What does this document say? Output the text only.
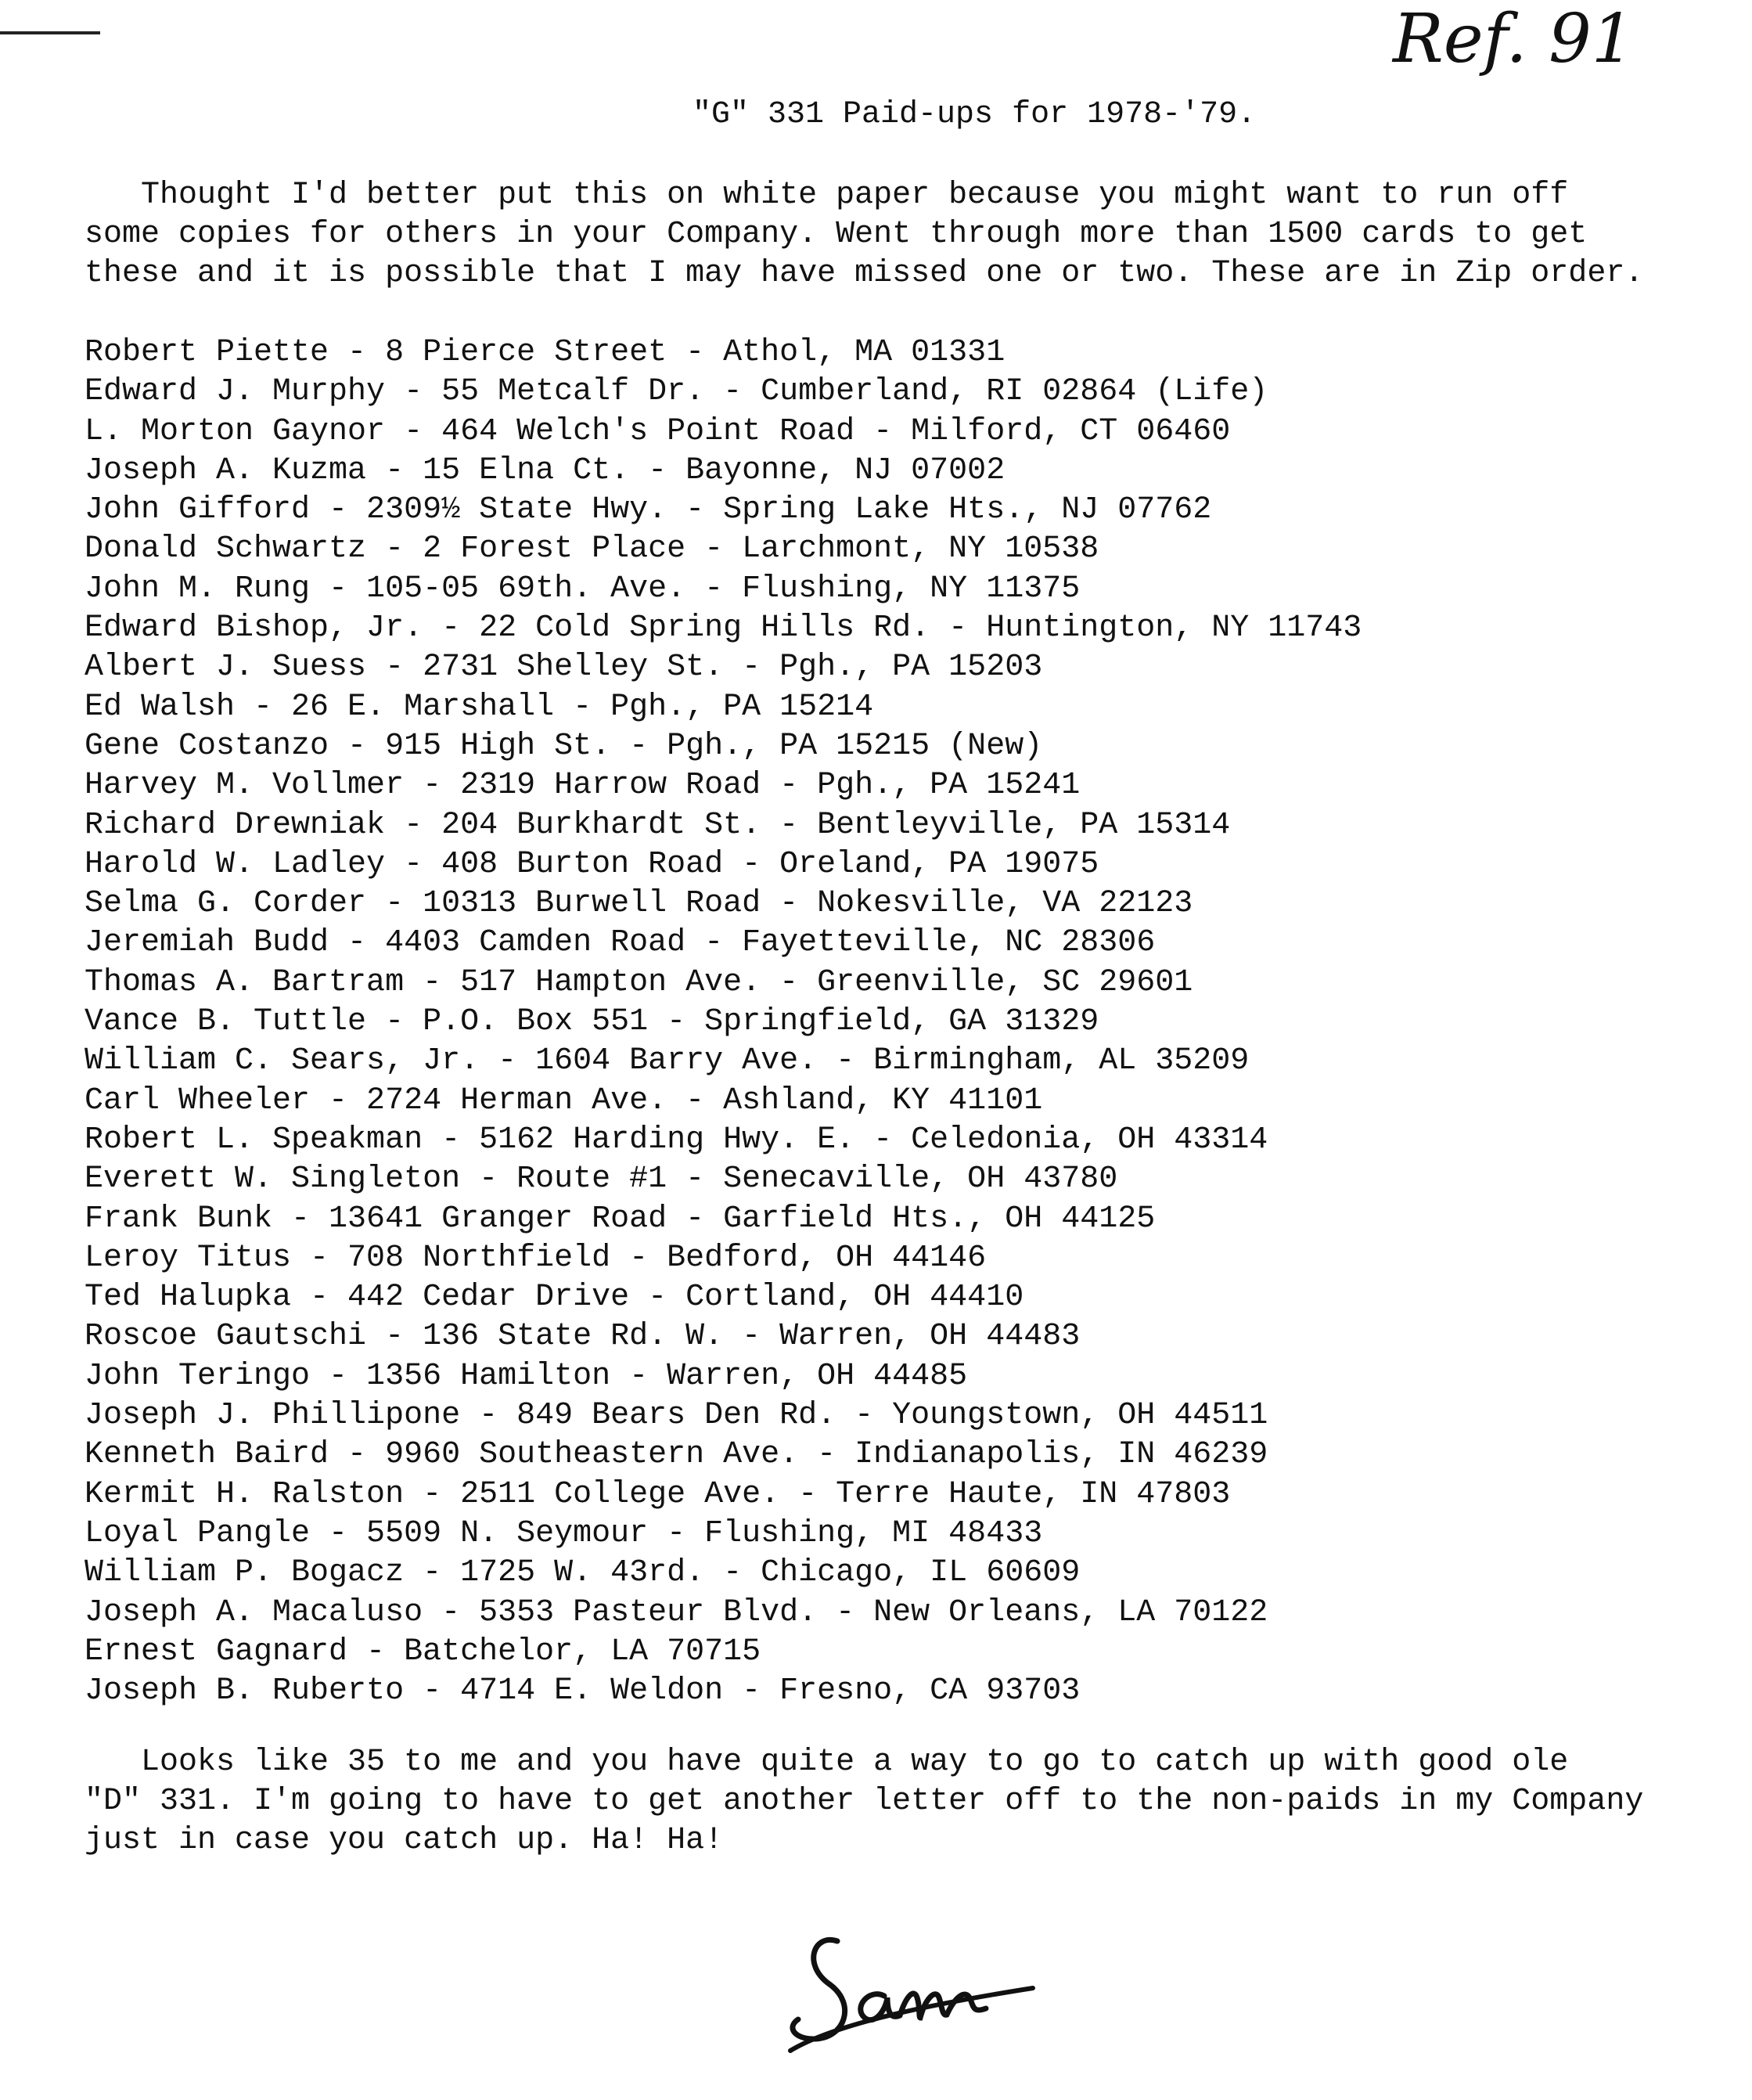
Ref. 91
"G" 331 Paid-ups for 1978-'79.
Thought I'd better put this on white paper because you might want to run off
some copies for others in your Company. Went through more than 1500 cards to get
these and it is possible that I may have missed one or two. These are in Zip order.
Robert Piette - 8 Pierce Street - Athol, MA 01331
Edward J. Murphy - 55 Metcalf Dr. - Cumberland, RI 02864 (Life)
L. Morton Gaynor - 464 Welch's Point Road - Milford, CT 06460
Joseph A. Kuzma - 15 Elna Ct. - Bayonne, NJ 07002
John Gifford - 2309½ State Hwy. - Spring Lake Hts., NJ 07762
Donald Schwartz - 2 Forest Place - Larchmont, NY 10538
John M. Rung - 105-05 69th. Ave. - Flushing, NY 11375
Edward Bishop, Jr. - 22 Cold Spring Hills Rd. - Huntington, NY 11743
Albert J. Suess - 2731 Shelley St. - Pgh., PA 15203
Ed Walsh - 26 E. Marshall - Pgh., PA 15214
Gene Costanzo - 915 High St. - Pgh., PA 15215 (New)
Harvey M. Vollmer - 2319 Harrow Road - Pgh., PA 15241
Richard Drewniak - 204 Burkhardt St. - Bentleyville, PA 15314
Harold W. Ladley - 408 Burton Road - Oreland, PA 19075
Selma G. Corder - 10313 Burwell Road - Nokesville, VA 22123
Jeremiah Budd - 4403 Camden Road - Fayetteville, NC 28306
Thomas A. Bartram - 517 Hampton Ave. - Greenville, SC 29601
Vance B. Tuttle - P.O. Box 551 - Springfield, GA 31329
William C. Sears, Jr. - 1604 Barry Ave. - Birmingham, AL 35209
Carl Wheeler - 2724 Herman Ave. - Ashland, KY 41101
Robert L. Speakman - 5162 Harding Hwy. E. - Celedonia, OH 43314
Everett W. Singleton - Route #1 - Senecaville, OH 43780
Frank Bunk - 13641 Granger Road - Garfield Hts., OH 44125
Leroy Titus - 708 Northfield - Bedford, OH 44146
Ted Halupka - 442 Cedar Drive - Cortland, OH 44410
Roscoe Gautschi - 136 State Rd. W. - Warren, OH 44483
John Teringo - 1356 Hamilton - Warren, OH 44485
Joseph J. Phillipone - 849 Bears Den Rd. - Youngstown, OH 44511
Kenneth Baird - 9960 Southeastern Ave. - Indianapolis, IN 46239
Kermit H. Ralston - 2511 College Ave. - Terre Haute, IN 47803
Loyal Pangle - 5509 N. Seymour - Flushing, MI 48433
William P. Bogacz - 1725 W. 43rd. - Chicago, IL 60609
Joseph A. Macaluso - 5353 Pasteur Blvd. - New Orleans, LA 70122
Ernest Gagnard - Batchelor, LA 70715
Joseph B. Ruberto - 4714 E. Weldon - Fresno, CA 93703
Looks like 35 to me and you have quite a way to go to catch up with good ole
"D" 331. I'm going to have to get another letter off to the non-paids in my Company
just in case you catch up. Ha! Ha!
